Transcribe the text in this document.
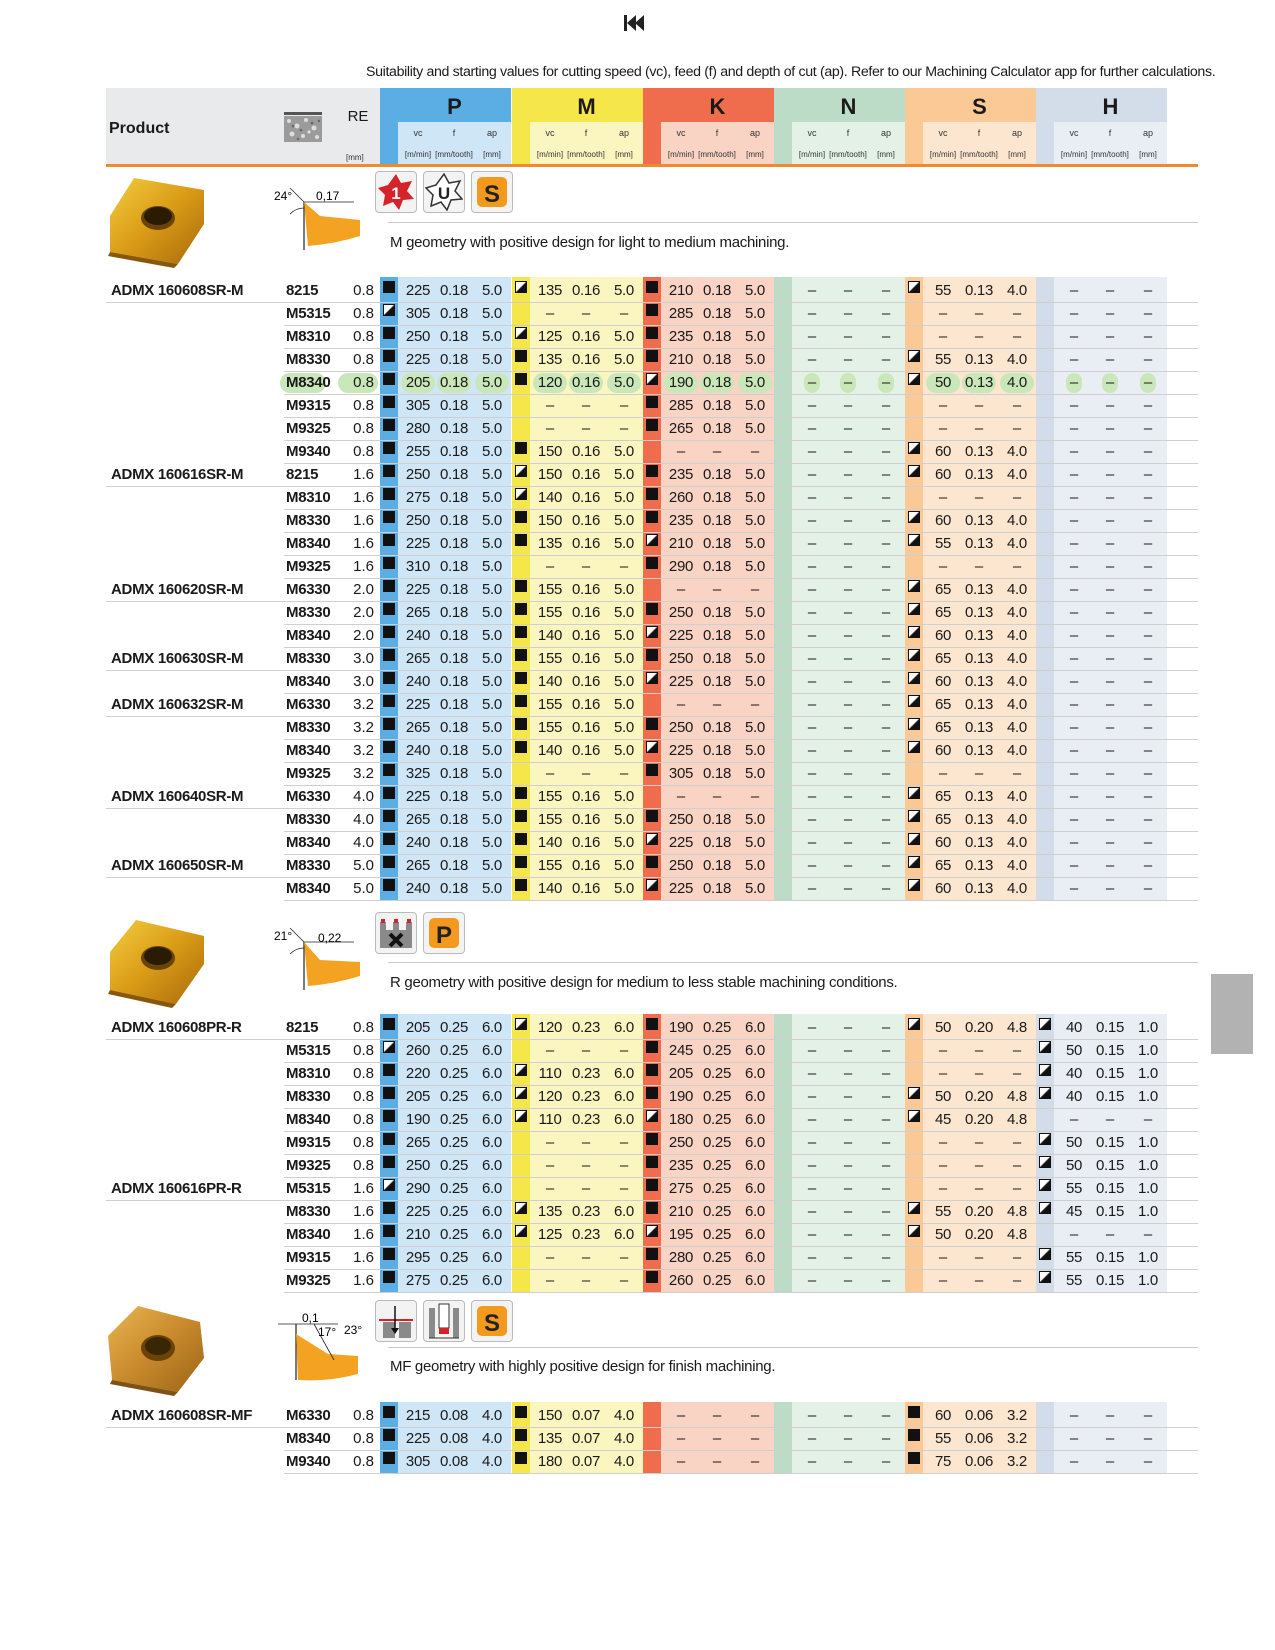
Suitability and starting values for cutting speed (vc), feed (f) and depth of cut (ap). Refer to our Machining Calculator app for further calculations.
Product
RE
[mm]
P
vc	f	ap
[m/min] [mm/tooth]	[mm]
M
vc	f	ap
[m/min] [mm/tooth]	[mm]
K
vc	f	ap
[m/min] [mm/tooth]	[mm]
N
vc	f	ap
[m/min] [mm/tooth]	[mm]
S
vc	f	ap
[m/min] [mm/tooth]	[mm]
H
vc	f	ap
[m/min] [mm/tooth]	[mm]
24° 0,17	1 U S
M geometry with positive design for light to medium machining.
21° 0,22	P
R geometry with positive design for medium to less stable machining conditions.
0,1
17° 23°	S
MF geometry with highly positive design for finish machining.
ADMX 160608SR-M	8215	0.8	225 0.18 5.0	135 0.16 5.0	210 0.18 5.0	–	–	–	55 0.13 4.0	–	–	–
M5315	0.8	305 0.18 5.0	–	–	–	285 0.18 5.0	–	–	–	–	–	–	–	–	–
M8310	0.8	250 0.18 5.0	125 0.16 5.0	235 0.18 5.0	–	–	–	–	–	–	–	–	–
M8330	0.8	225 0.18 5.0	135 0.16 5.0	210 0.18 5.0	–	–	–	55 0.13 4.0	–	–	–
M8340	0.8	205 0.18 5.0	120 0.16 5.0	190 0.18 5.0	–	–	–	50 0.13 4.0	–	–	–
M9315	0.8	305 0.18 5.0	–	–	–	285 0.18 5.0	–	–	–	–	–	–	–	–	–
M9325	0.8	280 0.18 5.0	–	–	–	265 0.18 5.0	–	–	–	–	–	–	–	–	–
M9340	0.8	255 0.18 5.0	150 0.16 5.0	–	–	–	–	–	–	60 0.13 4.0	–	–	–
ADMX 160616SR-M	8215	1.6	250 0.18 5.0	150 0.16 5.0	235 0.18 5.0	–	–	–	60 0.13 4.0	–	–	–
M8310	1.6	275 0.18 5.0	140 0.16 5.0	260 0.18 5.0	–	–	–	–	–	–	–	–	–
M8330	1.6	250 0.18 5.0	150 0.16 5.0	235 0.18 5.0	–	–	–	60 0.13 4.0	–	–	–
M8340	1.6	225 0.18 5.0	135 0.16 5.0	210 0.18 5.0	–	–	–	55 0.13 4.0	–	–	–
M9325	1.6	310 0.18 5.0	–	–	–	290 0.18 5.0	–	–	–	–	–	–	–	–	–
ADMX 160620SR-M	M6330	2.0	225 0.18 5.0	155 0.16 5.0	–	–	–	–	–	–	65 0.13 4.0	–	–	–
M8330	2.0	265 0.18 5.0	155 0.16 5.0	250 0.18 5.0	–	–	–	65 0.13 4.0	–	–	–
M8340	2.0	240 0.18 5.0	140 0.16 5.0	225 0.18 5.0	–	–	–	60 0.13 4.0	–	–	–
ADMX 160630SR-M	M8330	3.0	265 0.18 5.0	155 0.16 5.0	250 0.18 5.0	–	–	–	65 0.13 4.0	–	–	–
M8340	3.0	240 0.18 5.0	140 0.16 5.0	225 0.18 5.0	–	–	–	60 0.13 4.0	–	–	–
ADMX 160632SR-M	M6330	3.2	225 0.18 5.0	155 0.16 5.0	–	–	–	–	–	–	65 0.13 4.0	–	–	–
M8330	3.2	265 0.18 5.0	155 0.16 5.0	250 0.18 5.0	–	–	–	65 0.13 4.0	–	–	–
M8340	3.2	240 0.18 5.0	140 0.16 5.0	225 0.18 5.0	–	–	–	60 0.13 4.0	–	–	–
M9325	3.2	325 0.18 5.0	–	–	–	305 0.18 5.0	–	–	–	–	–	–	–	–	–
ADMX 160640SR-M	M6330	4.0	225 0.18 5.0	155 0.16 5.0	–	–	–	–	–	–	65 0.13 4.0	–	–	–
M8330	4.0	265 0.18 5.0	155 0.16 5.0	250 0.18 5.0	–	–	–	65 0.13 4.0	–	–	–
M8340	4.0	240 0.18 5.0	140 0.16 5.0	225 0.18 5.0	–	–	–	60 0.13 4.0	–	–	–
ADMX 160650SR-M	M8330	5.0	265 0.18 5.0	155 0.16 5.0	250 0.18 5.0	–	–	–	65 0.13 4.0	–	–	–
M8340	5.0	240 0.18 5.0	140 0.16 5.0	225 0.18 5.0	–	–	–	60 0.13 4.0	–	–	–
ADMX 160608PR-R	8215	0.8	205 0.25 6.0	120 0.23 6.0	190 0.25 6.0	–	–	–	50 0.20 4.8	40 0.15 1.0
M5315	0.8	260 0.25 6.0	–	–	–	245 0.25 6.0	–	–	–	–	–	–	50 0.15 1.0
M8310	0.8	220 0.25 6.0	110 0.23 6.0	205 0.25 6.0	–	–	–	–	–	–	40 0.15 1.0
M8330	0.8	205 0.25 6.0	120 0.23 6.0	190 0.25 6.0	–	–	–	50 0.20 4.8	40 0.15 1.0
M8340	0.8	190 0.25 6.0	110 0.23 6.0	180 0.25 6.0	–	–	–	45 0.20 4.8	–	–	–
M9315	0.8	265 0.25 6.0	–	–	–	250 0.25 6.0	–	–	–	–	–	–	50 0.15 1.0
M9325	0.8	250 0.25 6.0	–	–	–	235 0.25 6.0	–	–	–	–	–	–	50 0.15 1.0
ADMX 160616PR-R	M5315	1.6	290 0.25 6.0	–	–	–	275 0.25 6.0	–	–	–	–	–	–	55 0.15 1.0
M8330	1.6	225 0.25 6.0	135 0.23 6.0	210 0.25 6.0	–	–	–	55 0.20 4.8	45 0.15 1.0
M8340	1.6	210 0.25 6.0	125 0.23 6.0	195 0.25 6.0	–	–	–	50 0.20 4.8	–	–	–
M9315	1.6	295 0.25 6.0	–	–	–	280 0.25 6.0	–	–	–	–	–	–	55 0.15 1.0
M9325	1.6	275 0.25 6.0	–	–	–	260 0.25 6.0	–	–	–	–	–	–	55 0.15 1.0
ADMX 160608SR-MF M6330	0.8	215 0.08 4.0	150 0.07 4.0	–	–	–	–	–	–	60 0.06 3.2	–	–	–
M8340	0.8	225 0.08 4.0	135 0.07 4.0	–	–	–	–	–	–	55 0.06 3.2	–	–	–
M9340	0.8	305 0.08 4.0	180 0.07 4.0	–	–	–	–	–	–	75 0.06 3.2	–	–	–
